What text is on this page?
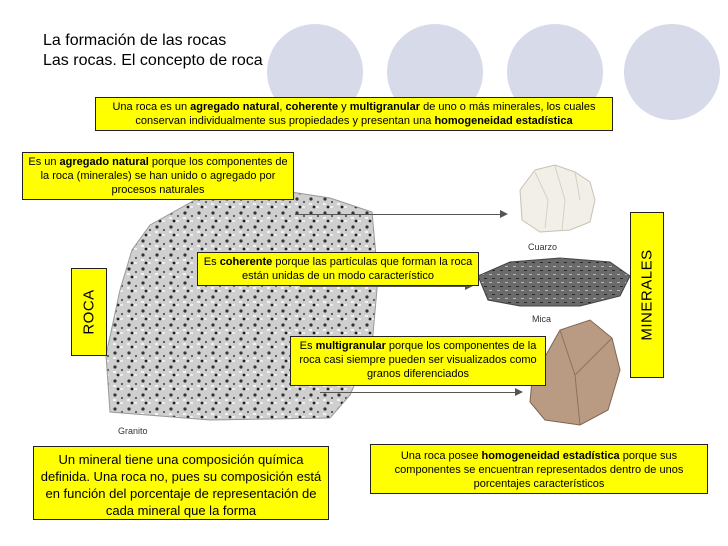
La formación de las rocas
Las rocas. El concepto de roca
Cuarzo
Mica
Granito
Una roca es un agregado natural, coherente y multigranular de uno o más minerales, los cuales conservan individualmente sus propiedades y presentan una homogeneidad estadística
Es un agregado natural porque los componentes de la roca (minerales) se han unido o agregado por procesos naturales
Es coherente porque las partículas que forman la roca están unidas de un modo característico
Es multigranular porque los componentes de la roca casi siempre pueden ser visualizados como granos diferenciados
ROCA	MINERALES
Un mineral tiene una composición química definida. Una roca no, pues su composición está en función del porcentaje de representación de cada mineral que la forma
Una roca posee homogeneidad estadística porque sus componentes se encuentran representados dentro de unos porcentajes característicos
